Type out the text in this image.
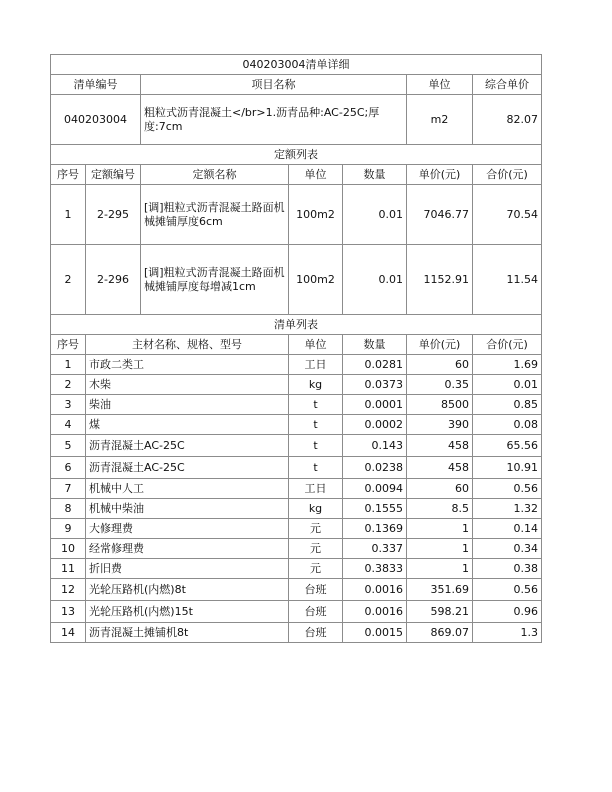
040203004清单详细						
清单编号		项目名称			单位	综合单价
040203004		粗粒式沥青混凝土</br>1.沥青品种:AC-25C;厚度:7cm			m2	82.07
定额列表						
序号	定额编号	定额名称	单位	数量	单价(元)	合价(元)
1	2-295	[调]粗粒式沥青混凝土路面机械摊铺厚度6cm	100m2	0.01	7046.77	70.54
2	2-296	[调]粗粒式沥青混凝土路面机械摊铺厚度每增减1cm	100m2	0.01	1152.91	11.54
清单列表						
序号	主材名称、规格、型号		单位	数量	单价(元)	合价(元)
1	市政二类工		工日	0.0281	60	1.69
2	木柴		kg	0.0373	0.35	0.01
3	柴油		t	0.0001	8500	0.85
4	煤		t	0.0002	390	0.08
5	沥青混凝土AC-25C		t	0.143	458	65.56
6	沥青混凝土AC-25C		t	0.0238	458	10.91
7	机械中人工		工日	0.0094	60	0.56
8	机械中柴油		kg	0.1555	8.5	1.32
9	大修理费		元	0.1369	1	0.14
10	经常修理费		元	0.337	1	0.34
11	折旧费		元	0.3833	1	0.38
12	光轮压路机(内燃)8t		台班	0.0016	351.69	0.56
13	光轮压路机(内燃)15t		台班	0.0016	598.21	0.96
14	沥青混凝土摊铺机8t		台班	0.0015	869.07	1.3
